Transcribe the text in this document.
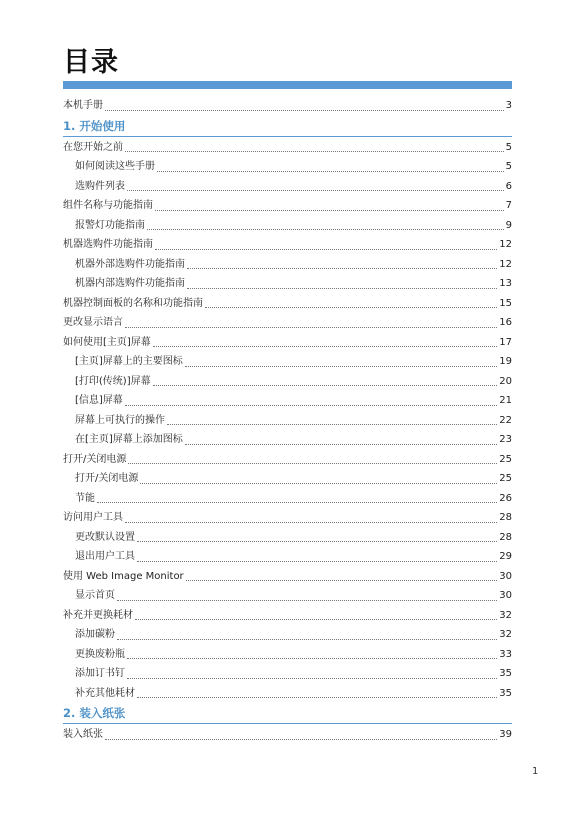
目录
本机手册	3
1. 开始使用
在您开始之前	5
如何阅读这些手册	5
选购件列表	6
组件名称与功能指南	7
报警灯功能指南	9
机器选购件功能指南	12
机器外部选购件功能指南	12
机器内部选购件功能指南	13
机器控制面板的名称和功能指南	15
更改显示语言	16
如何使用[主页]屏幕	17
[主页]屏幕上的主要图标	19
[打印(传统)]屏幕	20
[信息]屏幕	21
屏幕上可执行的操作	22
在[主页]屏幕上添加图标	23
打开/关闭电源	25
打开/关闭电源	25
节能	26
访问用户工具	28
更改默认设置	28
退出用户工具	29
使用 Web Image Monitor	30
显示首页	30
补充并更换耗材	32
添加碳粉	32
更换废粉瓶	33
添加订书钉	35
补充其他耗材	35
2. 装入纸张
装入纸张	39
1
